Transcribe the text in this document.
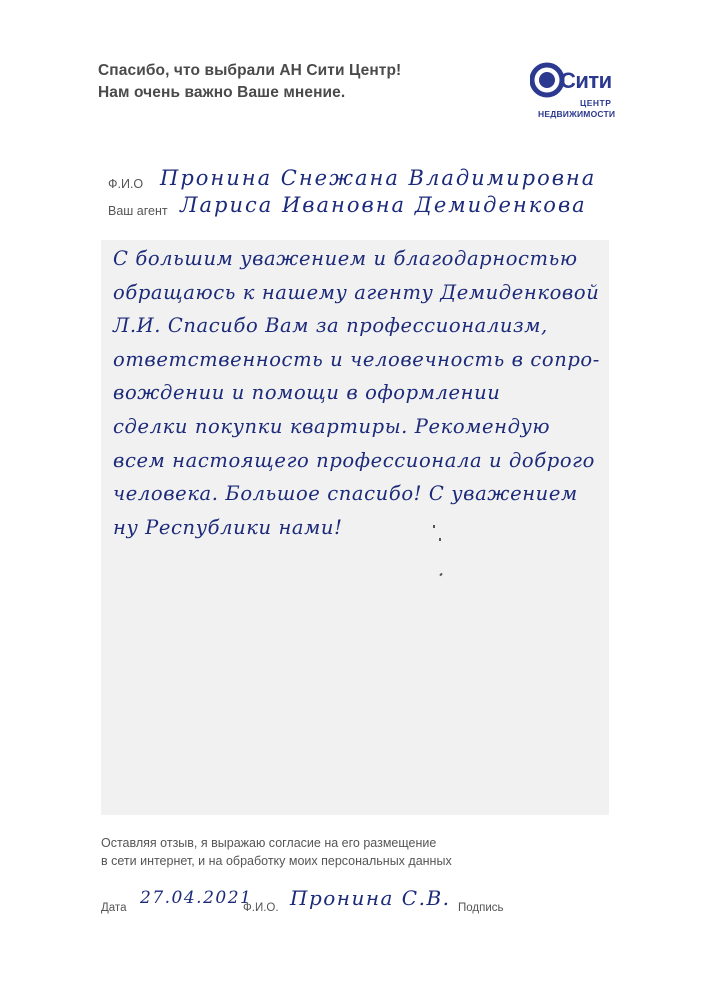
Спасибо, что выбрали АН Сити Центр!
Нам очень важно Ваше мнение.	Сити
ЦЕНТР
НЕДВИЖИМОСТИ
Ф.И.О Пронина Снежана Владимировна
Ваш агент Лариса Ивановна Демиденкова
С большим уважением и благодарностью
обращаюсь к нашему агенту Демиденковой
Л.И. Спасибо Вам за профессионализм,
ответственность и человечность в сопро-
вождении и помощи в оформлении
сделки покупки квартиры. Рекомендую
всем настоящего профессионала и доброго
человека. Большое спасибо! С уважением
ну Республики нами!
Оставляя отзыв, я выражаю согласие на его размещение
в сети интернет, и на обработку моих персональных данных
Дата 27.04.2021
Ф.И.О. Пронина С.В. Подпись
